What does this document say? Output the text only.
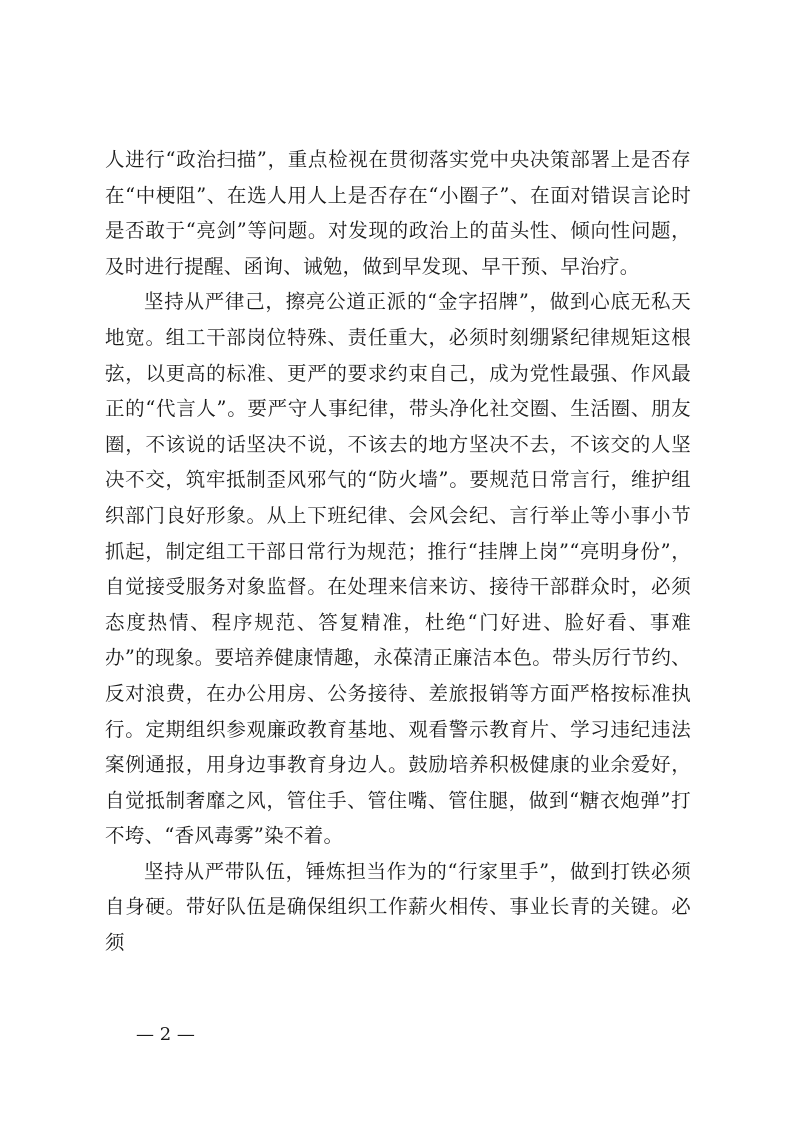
人进行“政治扫描”，重点检视在贯彻落实党中央决策部署上是否存在“中梗阻”、在选人用人上是否存在“小圈子”、在面对错误言论时是否敢于“亮剑”等问题。对发现的政治上的苗头性、倾向性问题，及时进行提醒、函询、诫勉，做到早发现、早干预、早治疗。

坚持从严律己，擦亮公道正派的“金字招牌”，做到心底无私天地宽。组工干部岗位特殊、责任重大，必须时刻绷紧纪律规矩这根弦，以更高的标准、更严的要求约束自己，成为党性最强、作风最正的“代言人”。要严守人事纪律，带头净化社交圈、生活圈、朋友圈，不该说的话坚决不说，不该去的地方坚决不去，不该交的人坚决不交，筑牢抵制歪风邪气的“防火墙”。要规范日常言行，维护组织部门良好形象。从上下班纪律、会风会纪、言行举止等小事小节抓起，制定组工干部日常行为规范；推行“挂牌上岗”“亮明身份”，自觉接受服务对象监督。在处理来信来访、接待干部群众时，必须态度热情、程序规范、答复精准，杜绝“门好进、脸好看、事难办”的现象。要培养健康情趣，永葆清正廉洁本色。带头厉行节约、反对浪费，在办公用房、公务接待、差旅报销等方面严格按标准执行。定期组织参观廉政教育基地、观看警示教育片、学习违纪违法案例通报，用身边事教育身边人。鼓励培养积极健康的业余爱好，自觉抵制奢靡之风，管住手、管住嘴、管住腿，做到“糖衣炮弹”打不垮、“香风毒雾”染不着。

坚持从严带队伍，锤炼担当作为的“行家里手”，做到打铁必须自身硬。带好队伍是确保组织工作薪火相传、事业长青的关键。必须

— 2 —
